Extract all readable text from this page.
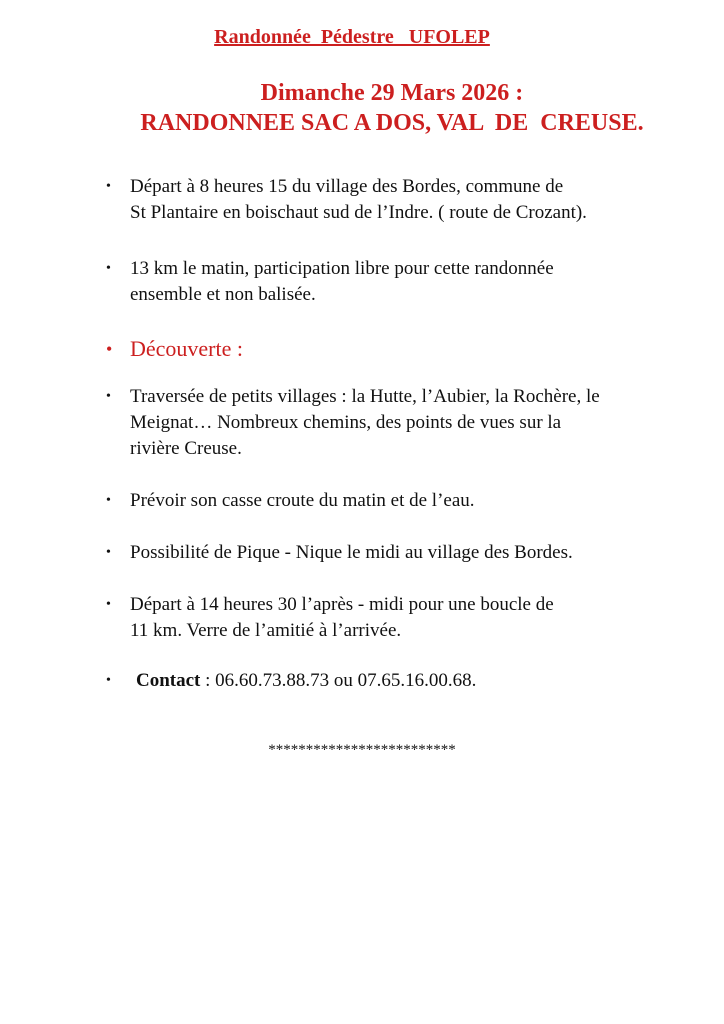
Randonnée  Pédestre   UFOLEP
Dimanche 29 Mars 2026 :
RANDONNEE SAC A DOS, VAL  DE  CREUSE.
•	Départ à 8 heures 15 du village des Bordes, commune de
St Plantaire en boischaut sud de l’Indre. ( route de Crozant).
•	13 km le matin, participation libre pour cette randonnée
ensemble et non balisée.
• Découverte :
•	Traversée de petits villages : la Hutte, l’Aubier, la Rochère, le
Meignat… Nombreux chemins, des points de vues sur la
rivière Creuse.
•	Prévoir son casse croute du matin et de l’eau.
•	Possibilité de Pique - Nique le midi au village des Bordes.
•	Départ à 14 heures 30 l’après - midi pour une boucle de
11 km. Verre de l’amitié à l’arrivée.
•	Contact : 06.60.73.88.73 ou 07.65.16.00.68.
*************************
